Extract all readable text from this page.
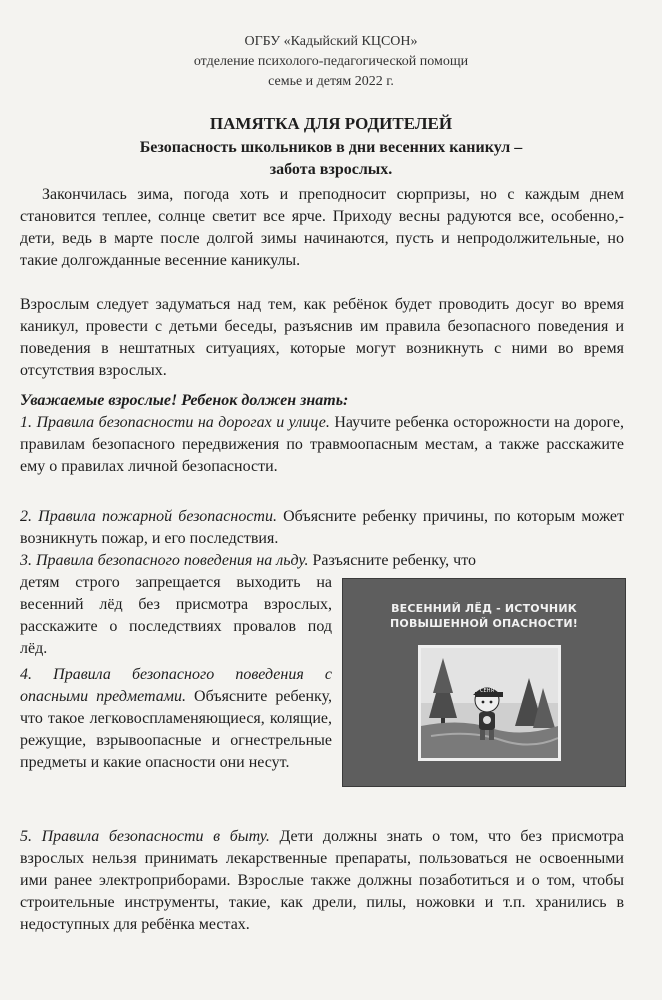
ОГБУ «Кадыйский КЦСОН»
отделение психолого-педагогической помощи
семье и детям 2022 г.
ПАМЯТКА ДЛЯ РОДИТЕЛЕЙ
Безопасность школьников в дни весенних каникул –
забота взрослых.
Закончилась зима, погода хоть и преподносит сюрпризы, но с каждым днем становится теплее, солнце светит все ярче. Приходу весны радуются все, особенно,- дети, ведь в марте после долгой зимы начинаются, пусть и непродолжительные, но такие долгожданные весенние каникулы.
Взрослым следует задуматься над тем, как ребёнок будет проводить досуг во время каникул, провести с детьми беседы, разъяснив им правила безопасного поведения и поведения в нештатных ситуациях, которые могут возникнуть с ними во время отсутствия взрослых.
Уважаемые взрослые! Ребенок должен знать:
1. Правила безопасности на дорогах и улице. Научите ребенка осторожности на дороге, правилам безопасного передвижения по травмоопасным местам, а также расскажите ему о правилах личной безопасности.
2. Правила пожарной безопасности. Объясните ребенку причины, по которым может возникнуть пожар, и его последствия.
3. Правила безопасного поведения на льду. Разъясните ребенку, что
детям строго запрещается выходить на весенний лёд без присмотра взрослых, расскажите о последствиях провалов под лёд.
4. Правила безопасного поведения с опасными предметами. Объясните ребенку, что такое легковоспламеняющиеся, колящие, режущие, взрывоопасные и огнестрельные предметы и какие опасности они несут.
5. Правила безопасности в быту. Дети должны знать о том, что без присмотра взрослых нельзя принимать лекарственные препараты, пользоваться не освоенными ими ранее электроприборами. Взрослые также должны позаботиться и о том, чтобы строительные инструменты, такие, как дрели, пилы, ножовки и т.п. хранились в недоступных для ребёнка местах.
ВЕСЕННИЙ ЛЁД - ИСТОЧНИК ПОВЫШЕННОЙ ОПАСНОСТИ!
СЕНЯ
